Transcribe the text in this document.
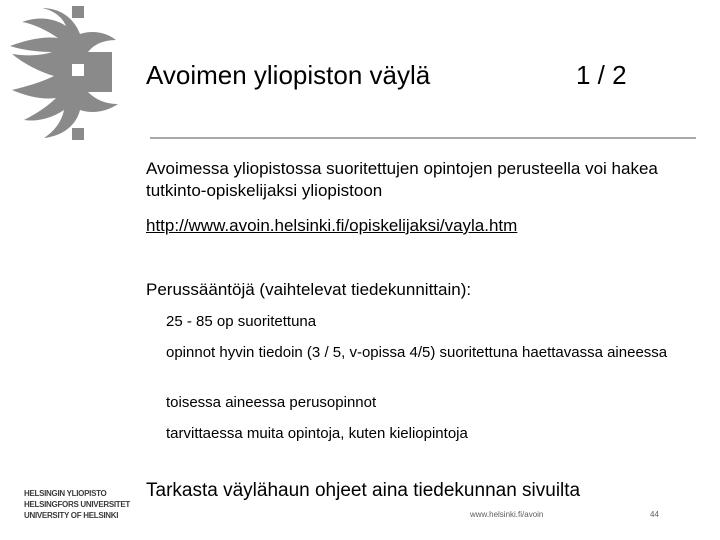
Avoimen yliopiston väylä	1 / 2
Avoimessa yliopistossa suoritettujen opintojen perusteella voi hakea tutkinto-opiskelijaksi yliopistoon
http://www.avoin.helsinki.fi/opiskelijaksi/vayla.htm
Perussääntöjä (vaihtelevat tiedekunnittain):
25 - 85 op suoritettuna
opinnot hyvin tiedoin (3 / 5, v-opissa 4/5) suoritettuna haettavassa aineessa
toisessa aineessa perusopinnot
tarvittaessa muita opintoja, kuten kieliopintoja
Tarkasta väylähaun ohjeet aina tiedekunnan sivuilta
HELSINGIN YLIOPISTO
HELSINGFORS UNIVERSITET
UNIVERSITY OF HELSINKI	www.helsinki.fi/avoin	44
